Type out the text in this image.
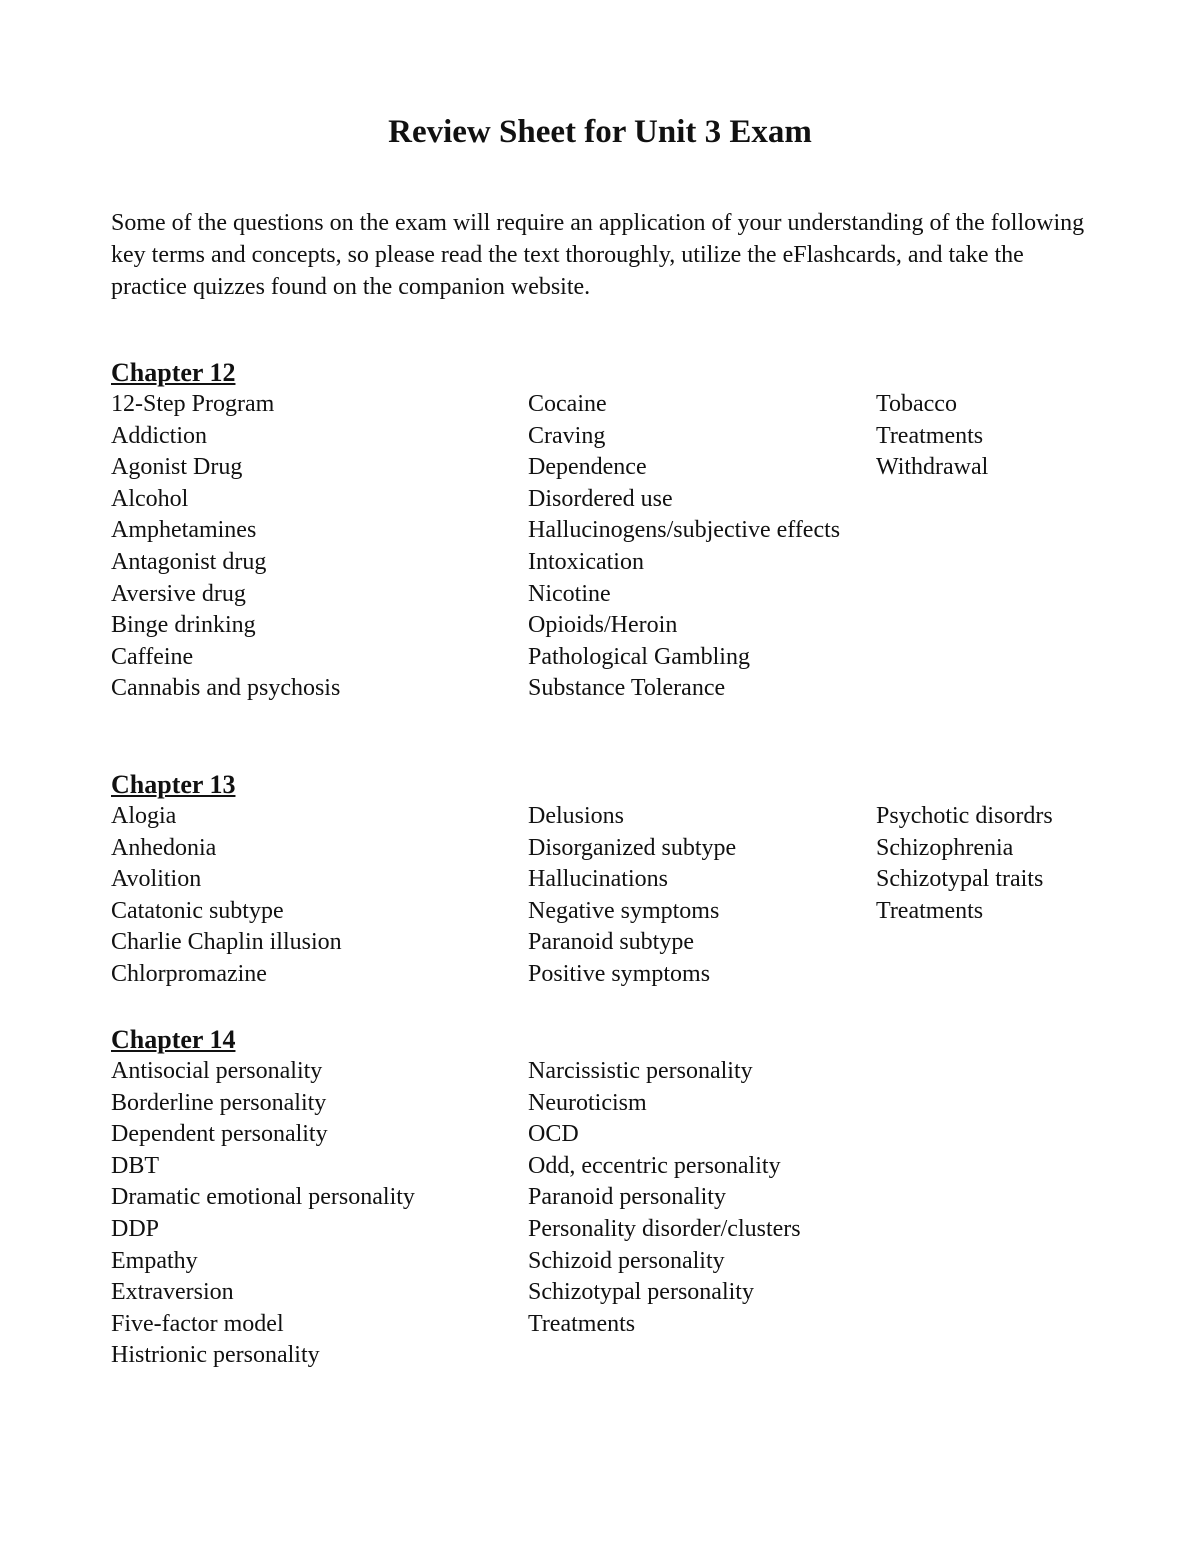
Review Sheet for Unit 3 Exam
Some of the questions on the exam will require an application of your understanding of the following key terms and concepts, so please read the text thoroughly, utilize the eFlashcards, and take the practice quizzes found on the companion website.
Chapter 12
12-Step Program
Addiction
Agonist Drug
Alcohol
Amphetamines
Antagonist drug
Aversive drug
Binge drinking
Caffeine
Cannabis and psychosis
Cocaine
Craving
Dependence
Disordered use
Hallucinogens/subjective effects
Intoxication
Nicotine
Opioids/Heroin
Pathological Gambling
Substance Tolerance
Tobacco
Treatments
Withdrawal
Chapter 13
Alogia
Anhedonia
Avolition
Catatonic subtype
Charlie Chaplin illusion
Chlorpromazine
Delusions
Disorganized subtype
Hallucinations
Negative symptoms
Paranoid subtype
Positive symptoms
Psychotic disordrs
Schizophrenia
Schizotypal traits
Treatments
Chapter 14
Antisocial personality
Borderline personality
Dependent personality
DBT
Dramatic emotional personality
DDP
Empathy
Extraversion
Five-factor model
Histrionic personality
Narcissistic personality
Neuroticism
OCD
Odd, eccentric personality
Paranoid personality
Personality disorder/clusters
Schizoid personality
Schizotypal personality
Treatments
